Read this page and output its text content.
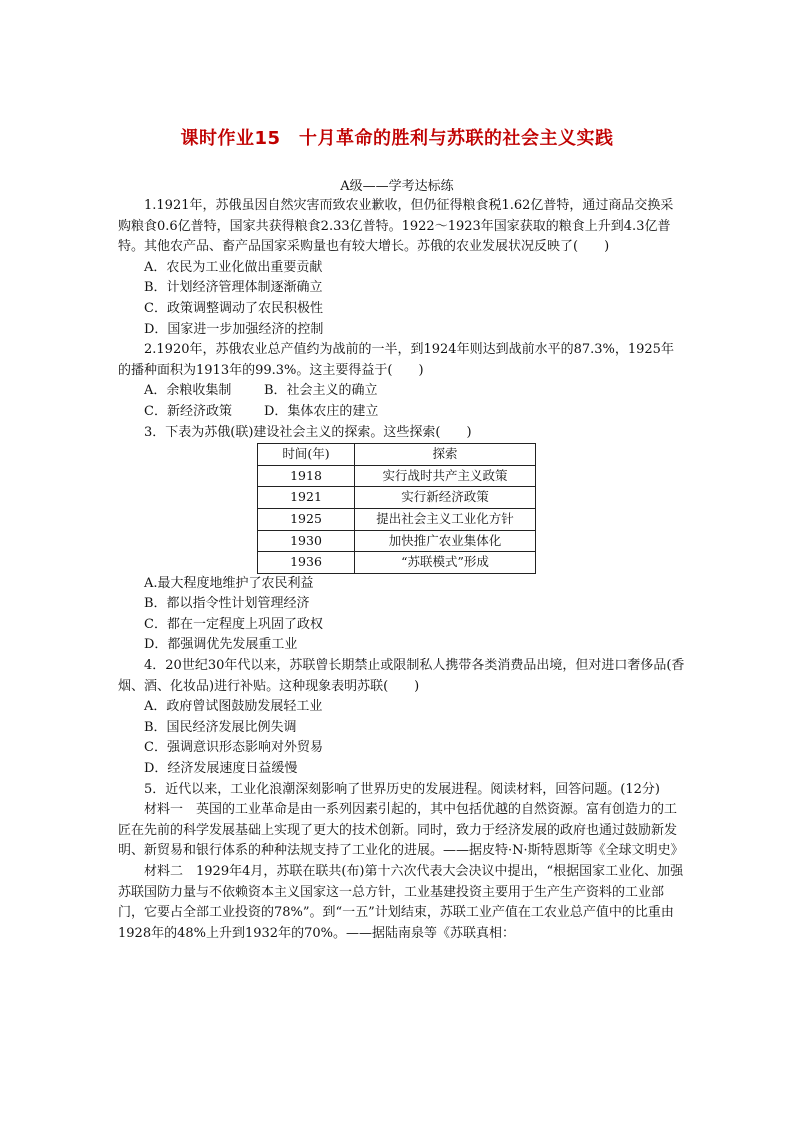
课时作业15　十月革命的胜利与苏联的社会主义实践
A级——学考达标练

1.1921年，苏俄虽因自然灾害而致农业歉收，但仍征得粮食税1.62亿普特，通过商品交换采购粮食0.6亿普特，国家共获得粮食2.33亿普特。1922～1923年国家获取的粮食上升到4.3亿普特。其他农产品、畜产品国家采购量也有较大增长。苏俄的农业发展状况反映了(　　)

A．农民为工业化做出重要贡献

B．计划经济管理体制逐渐确立

C．政策调整调动了农民积极性

D．国家进一步加强经济的控制

2.1920年，苏俄农业总产值约为战前的一半，到1924年则达到战前水平的87.3%，1925年的播种面积为1913年的99.3%。这主要得益于(　　)

A．余粮收集制	B．社会主义的确立

C．新经济政策	D．集体农庄的建立

3．下表为苏俄(联)建设社会主义的探索。这些探索(　　)

时间(年)	探索
1918	实行战时共产主义政策
1921	实行新经济政策
1925	提出社会主义工业化方针
1930	加快推广农业集体化
1936	“苏联模式”形成

A.最大程度地维护了农民利益

B．都以指令性计划管理经济

C．都在一定程度上巩固了政权

D．都强调优先发展重工业

4．20世纪30年代以来，苏联曾长期禁止或限制私人携带各类消费品出境，但对进口奢侈品(香烟、酒、化妆品)进行补贴。这种现象表明苏联(　　)

A．政府曾试图鼓励发展轻工业

B．国民经济发展比例失调

C．强调意识形态影响对外贸易

D．经济发展速度日益缓慢

5．近代以来，工业化浪潮深刻影响了世界历史的发展进程。阅读材料，回答问题。(12分)

材料一　英国的工业革命是由一系列因素引起的，其中包括优越的自然资源。富有创造力的工匠在先前的科学发展基础上实现了更大的技术创新。同时，致力于经济发展的政府也通过鼓励新发明、新贸易和银行体系的种种法规支持了工业化的进展。——据皮特·N·斯特恩斯等《全球文明史》

材料二　1929年4月，苏联在联共(布)第十六次代表大会决议中提出，“根据国家工业化、加强苏联国防力量与不依赖资本主义国家这一总方针，工业基建投资主要用于生产生产资料的工业部门，它要占全部工业投资的78%”。到“一五”计划结束，苏联工业产值在工农业总产值中的比重由1928年的48%上升到1932年的70%。——据陆南泉等《苏联真相：
